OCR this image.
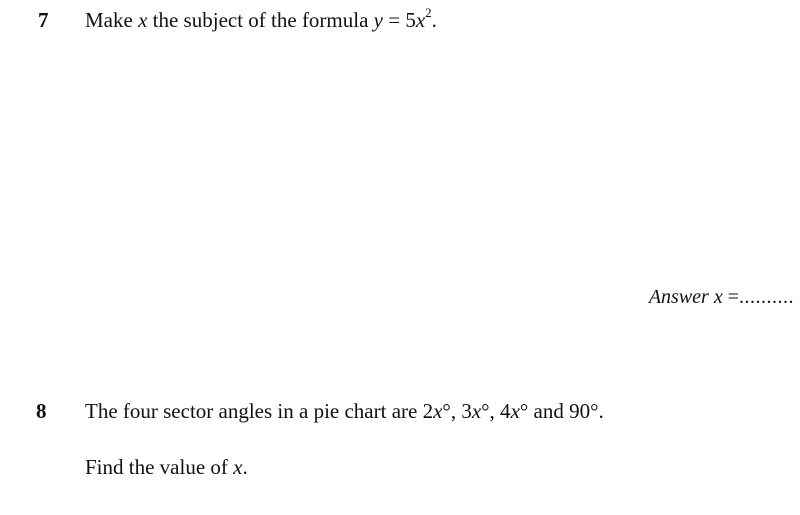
7 Make x the subject of the formula $y = 5x^2$.
Answer x =..........
8 The four sector angles in a pie chart are 2x°, 3x°, 4x° and 90°.
Find the value of x.
